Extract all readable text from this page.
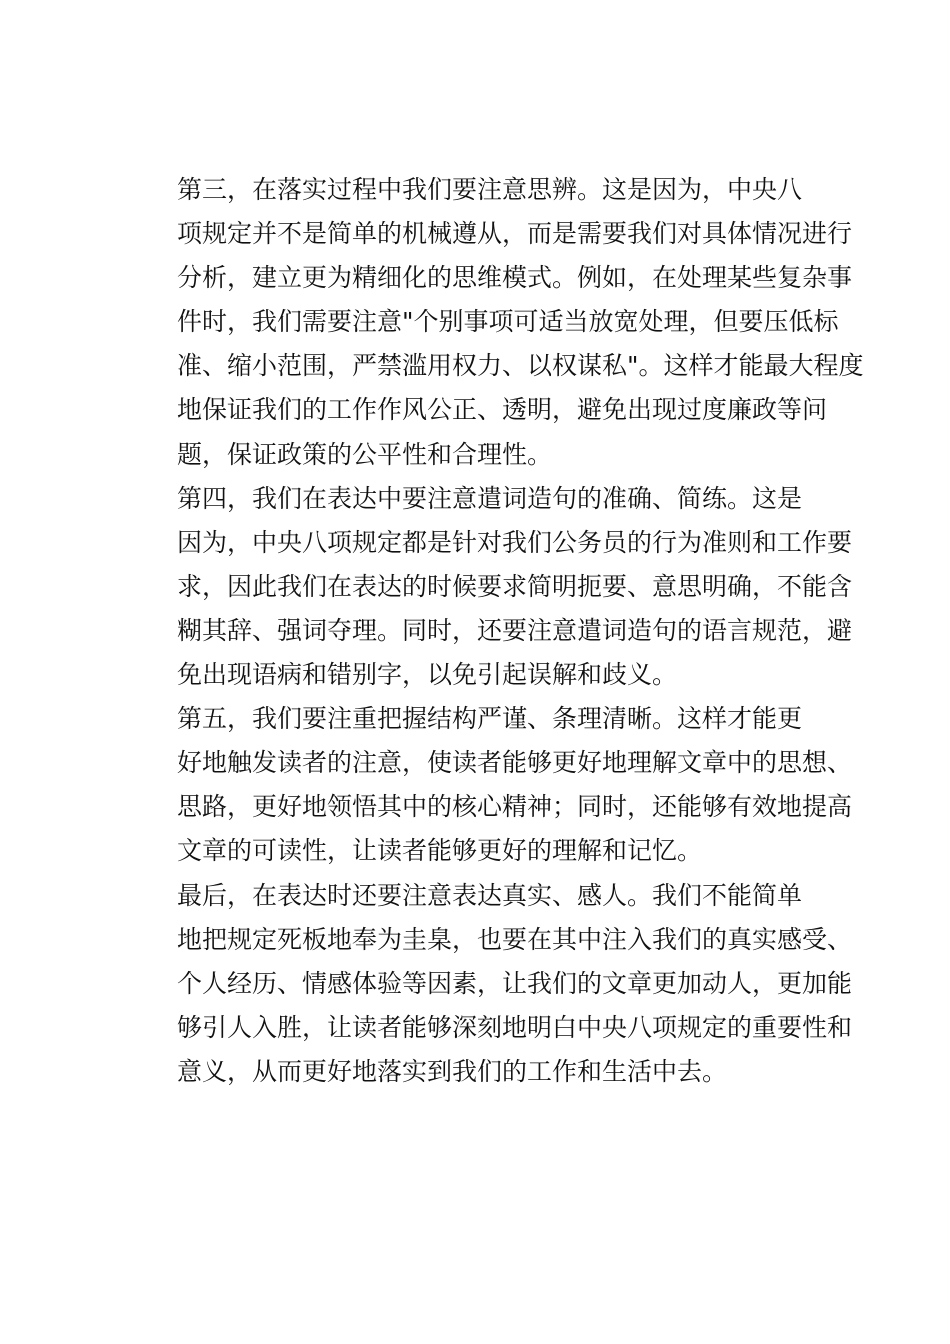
第三，在落实过程中我们要注意思辨。这是因为，中央八
项规定并不是简单的机械遵从，而是需要我们对具体情况进行
分析，建立更为精细化的思维模式。例如，在处理某些复杂事
件时，我们需要注意"个别事项可适当放宽处理，但要压低标
准、缩小范围，严禁滥用权力、以权谋私"。这样才能最大程度
地保证我们的工作作风公正、透明，避免出现过度廉政等问
题，保证政策的公平性和合理性。

第四，我们在表达中要注意遣词造句的准确、简练。这是
因为，中央八项规定都是针对我们公务员的行为准则和工作要
求，因此我们在表达的时候要求简明扼要、意思明确，不能含
糊其辞、强词夺理。同时，还要注意遣词造句的语言规范，避
免出现语病和错别字，以免引起误解和歧义。

第五，我们要注重把握结构严谨、条理清晰。这样才能更
好地触发读者的注意，使读者能够更好地理解文章中的思想、
思路，更好地领悟其中的核心精神；同时，还能够有效地提高
文章的可读性，让读者能够更好的理解和记忆。

最后，在表达时还要注意表达真实、感人。我们不能简单
地把规定死板地奉为圭臬，也要在其中注入我们的真实感受、
个人经历、情感体验等因素，让我们的文章更加动人，更加能
够引人入胜，让读者能够深刻地明白中央八项规定的重要性和
意义，从而更好地落实到我们的工作和生活中去。
